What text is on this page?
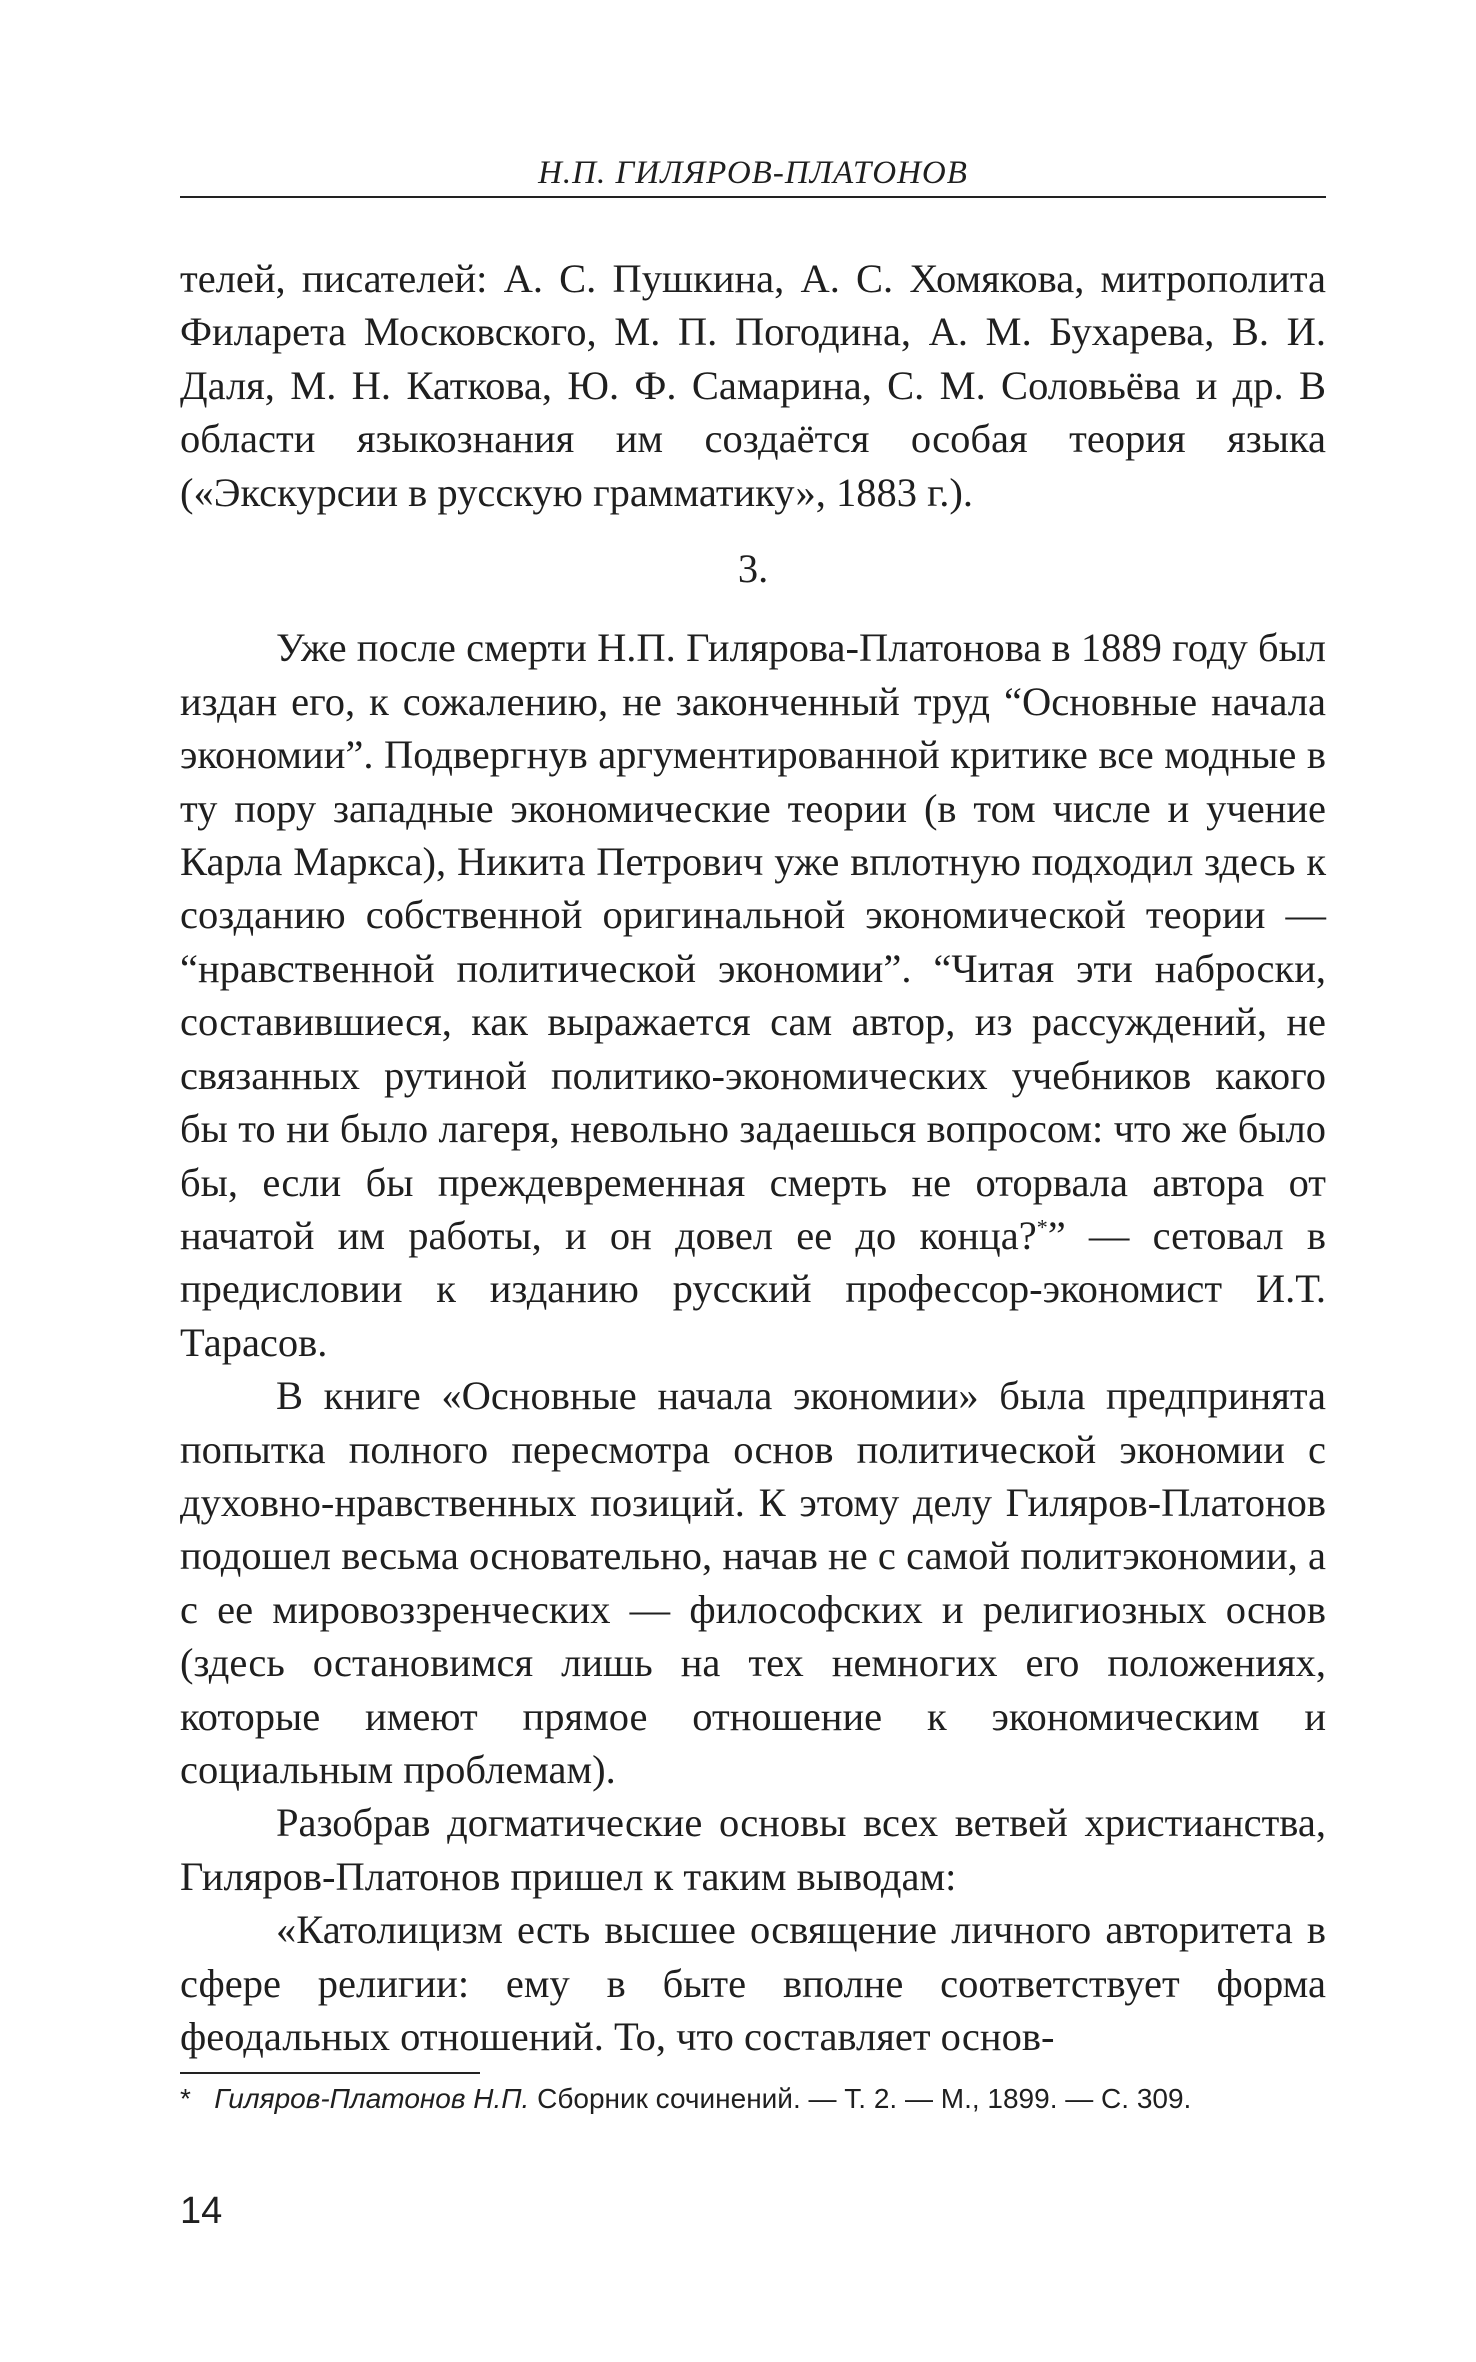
Н.П. ГИЛЯРОВ-ПЛАТОНОВ

телей, писателей: А. С. Пушкина, А. С. Хомякова, митрополита Филарета Московского, М. П. Погодина, А. М. Бухарева, В. И. Даля, М. Н. Каткова, Ю. Ф. Самарина, С. М. Соловьёва и др. В области языкознания им создаётся особая теория языка («Экскурсии в русскую грамматику», 1883 г.).

3.

Уже после смерти Н.П. Гилярова-Платонова в 1889 году был издан его, к сожалению, не законченный труд “Основные начала экономии”. Подвергнув аргументированной критике все модные в ту пору западные экономические теории (в том числе и учение Карла Маркса), Никита Петрович уже вплотную подходил здесь к созданию собственной оригинальной экономической теории — “нравственной политической экономии”. “Читая эти наброски, составившиеся, как выражается сам автор, из рассуждений, не связанных рутиной политико-экономических учебников какого бы то ни было лагеря, невольно задаешься вопросом: что же было бы, если бы преждевременная смерть не оторвала автора от начатой им работы, и он довел ее до конца?*” — сетовал в предисловии к изданию русский профессор-экономист И.Т. Тарасов.

В книге «Основные начала экономии» была предпринята попытка полного пересмотра основ политической экономии с духовно-нравственных позиций. К этому делу Гиляров-Платонов подошел весьма основательно, начав не с самой политэкономии, а с ее мировоззренческих — философских и религиозных основ (здесь остановимся лишь на тех немногих его положениях, которые имеют прямое отношение к экономическим и социальным проблемам).

Разобрав догматические основы всех ветвей христианства, Гиляров-Платонов пришел к таким выводам:

«Католицизм есть высшее освящение личного авторитета в сфере религии: ему в быте вполне соответствует форма феодальных отношений. То, что составляет основ-

* Гиляров-Платонов Н.П. Сборник сочинений. — Т. 2. — М., 1899. — С. 309.
14
